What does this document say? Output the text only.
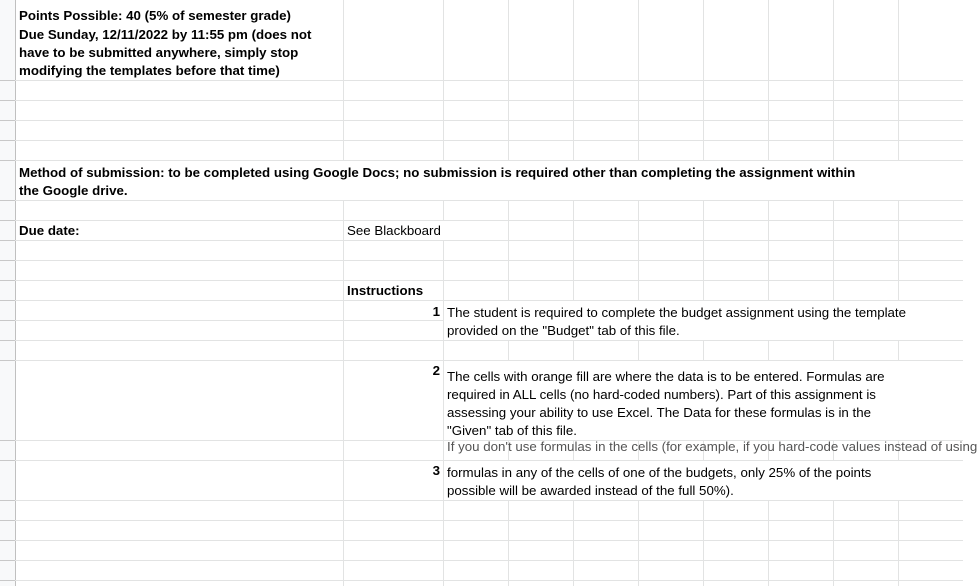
Points Possible: 40 (5% of semester grade)
Due Sunday, 12/11/2022 by 11:55 pm (does not
have to be submitted anywhere, simply stop
modifying the templates before that time)
Method of submission: to be completed using Google Docs; no submission is required other than completing the assignment within
the Google drive.
Due date:	See Blackboard
Instructions
1 The student is required to complete the budget assignment using the template
provided on the "Budget" tab of this file.
2 The cells with orange fill are where the data is to be entered. Formulas are
required in ALL cells (no hard-coded numbers). Part of this assignment is
assessing your ability to use Excel. The Data for these formulas is in the
"Given" tab of this file.
If you don't use formulas in the cells (for example, if you hard-code values instead of using
3 formulas in any of the cells of one of the budgets, only 25% of the points
possible will be awarded instead of the full 50%).
